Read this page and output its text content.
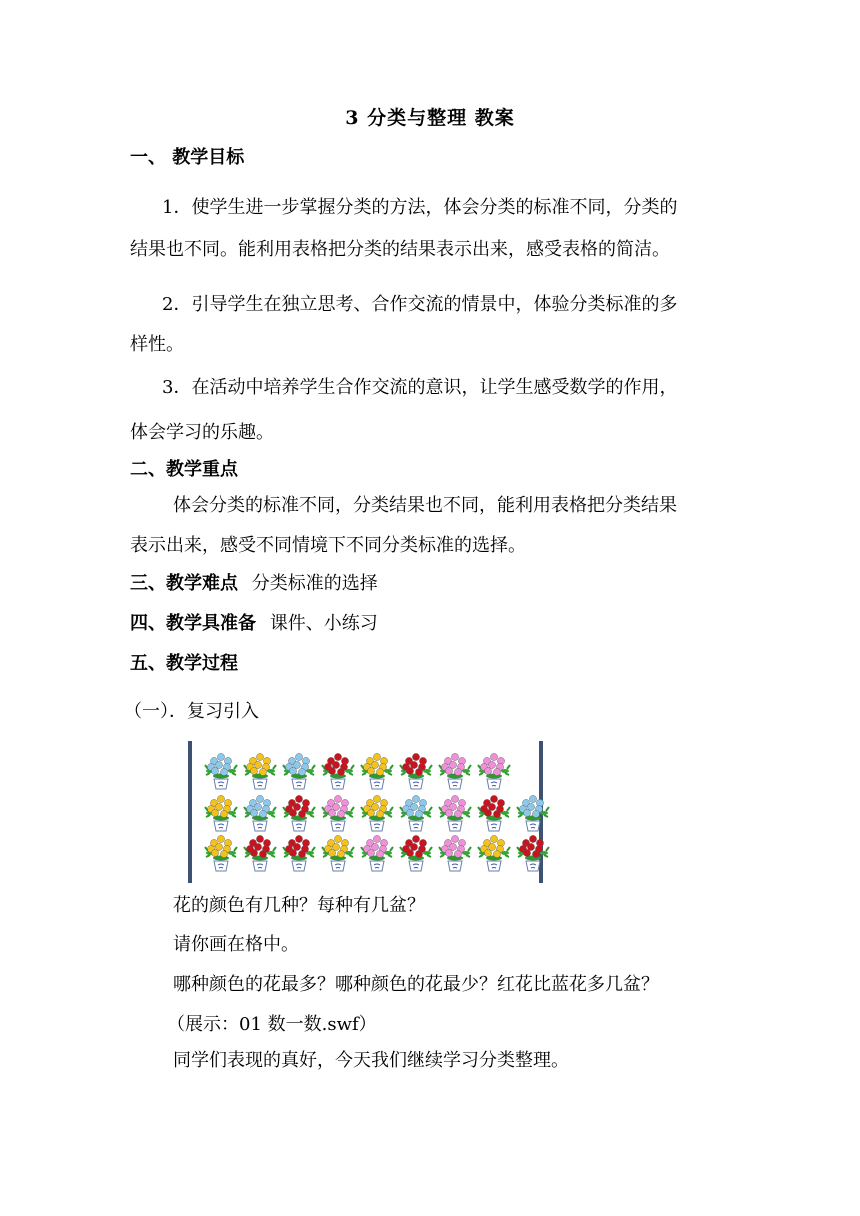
3 分类与整理 教案
一、 教学目标
1．使学生进一步掌握分类的方法，体会分类的标准不同，分类的
结果也不同。能利用表格把分类的结果表示出来，感受表格的简洁。
2．引导学生在独立思考、合作交流的情景中，体验分类标准的多
样性。
3．在活动中培养学生合作交流的意识，让学生感受数学的作用，
体会学习的乐趣。
二、教学重点
体会分类的标准不同，分类结果也不同，能利用表格把分类结果
表示出来，感受不同情境下不同分类标准的选择。
三、教学难点 分类标准的选择
四、教学具准备 课件、小练习
五、教学过程
（一）．复习引入
花的颜色有几种？每种有几盆？
请你画在格中。
哪种颜色的花最多？哪种颜色的花最少？红花比蓝花多几盆？
（展示：01 数一数.swf）
同学们表现的真好，今天我们继续学习分类整理。
